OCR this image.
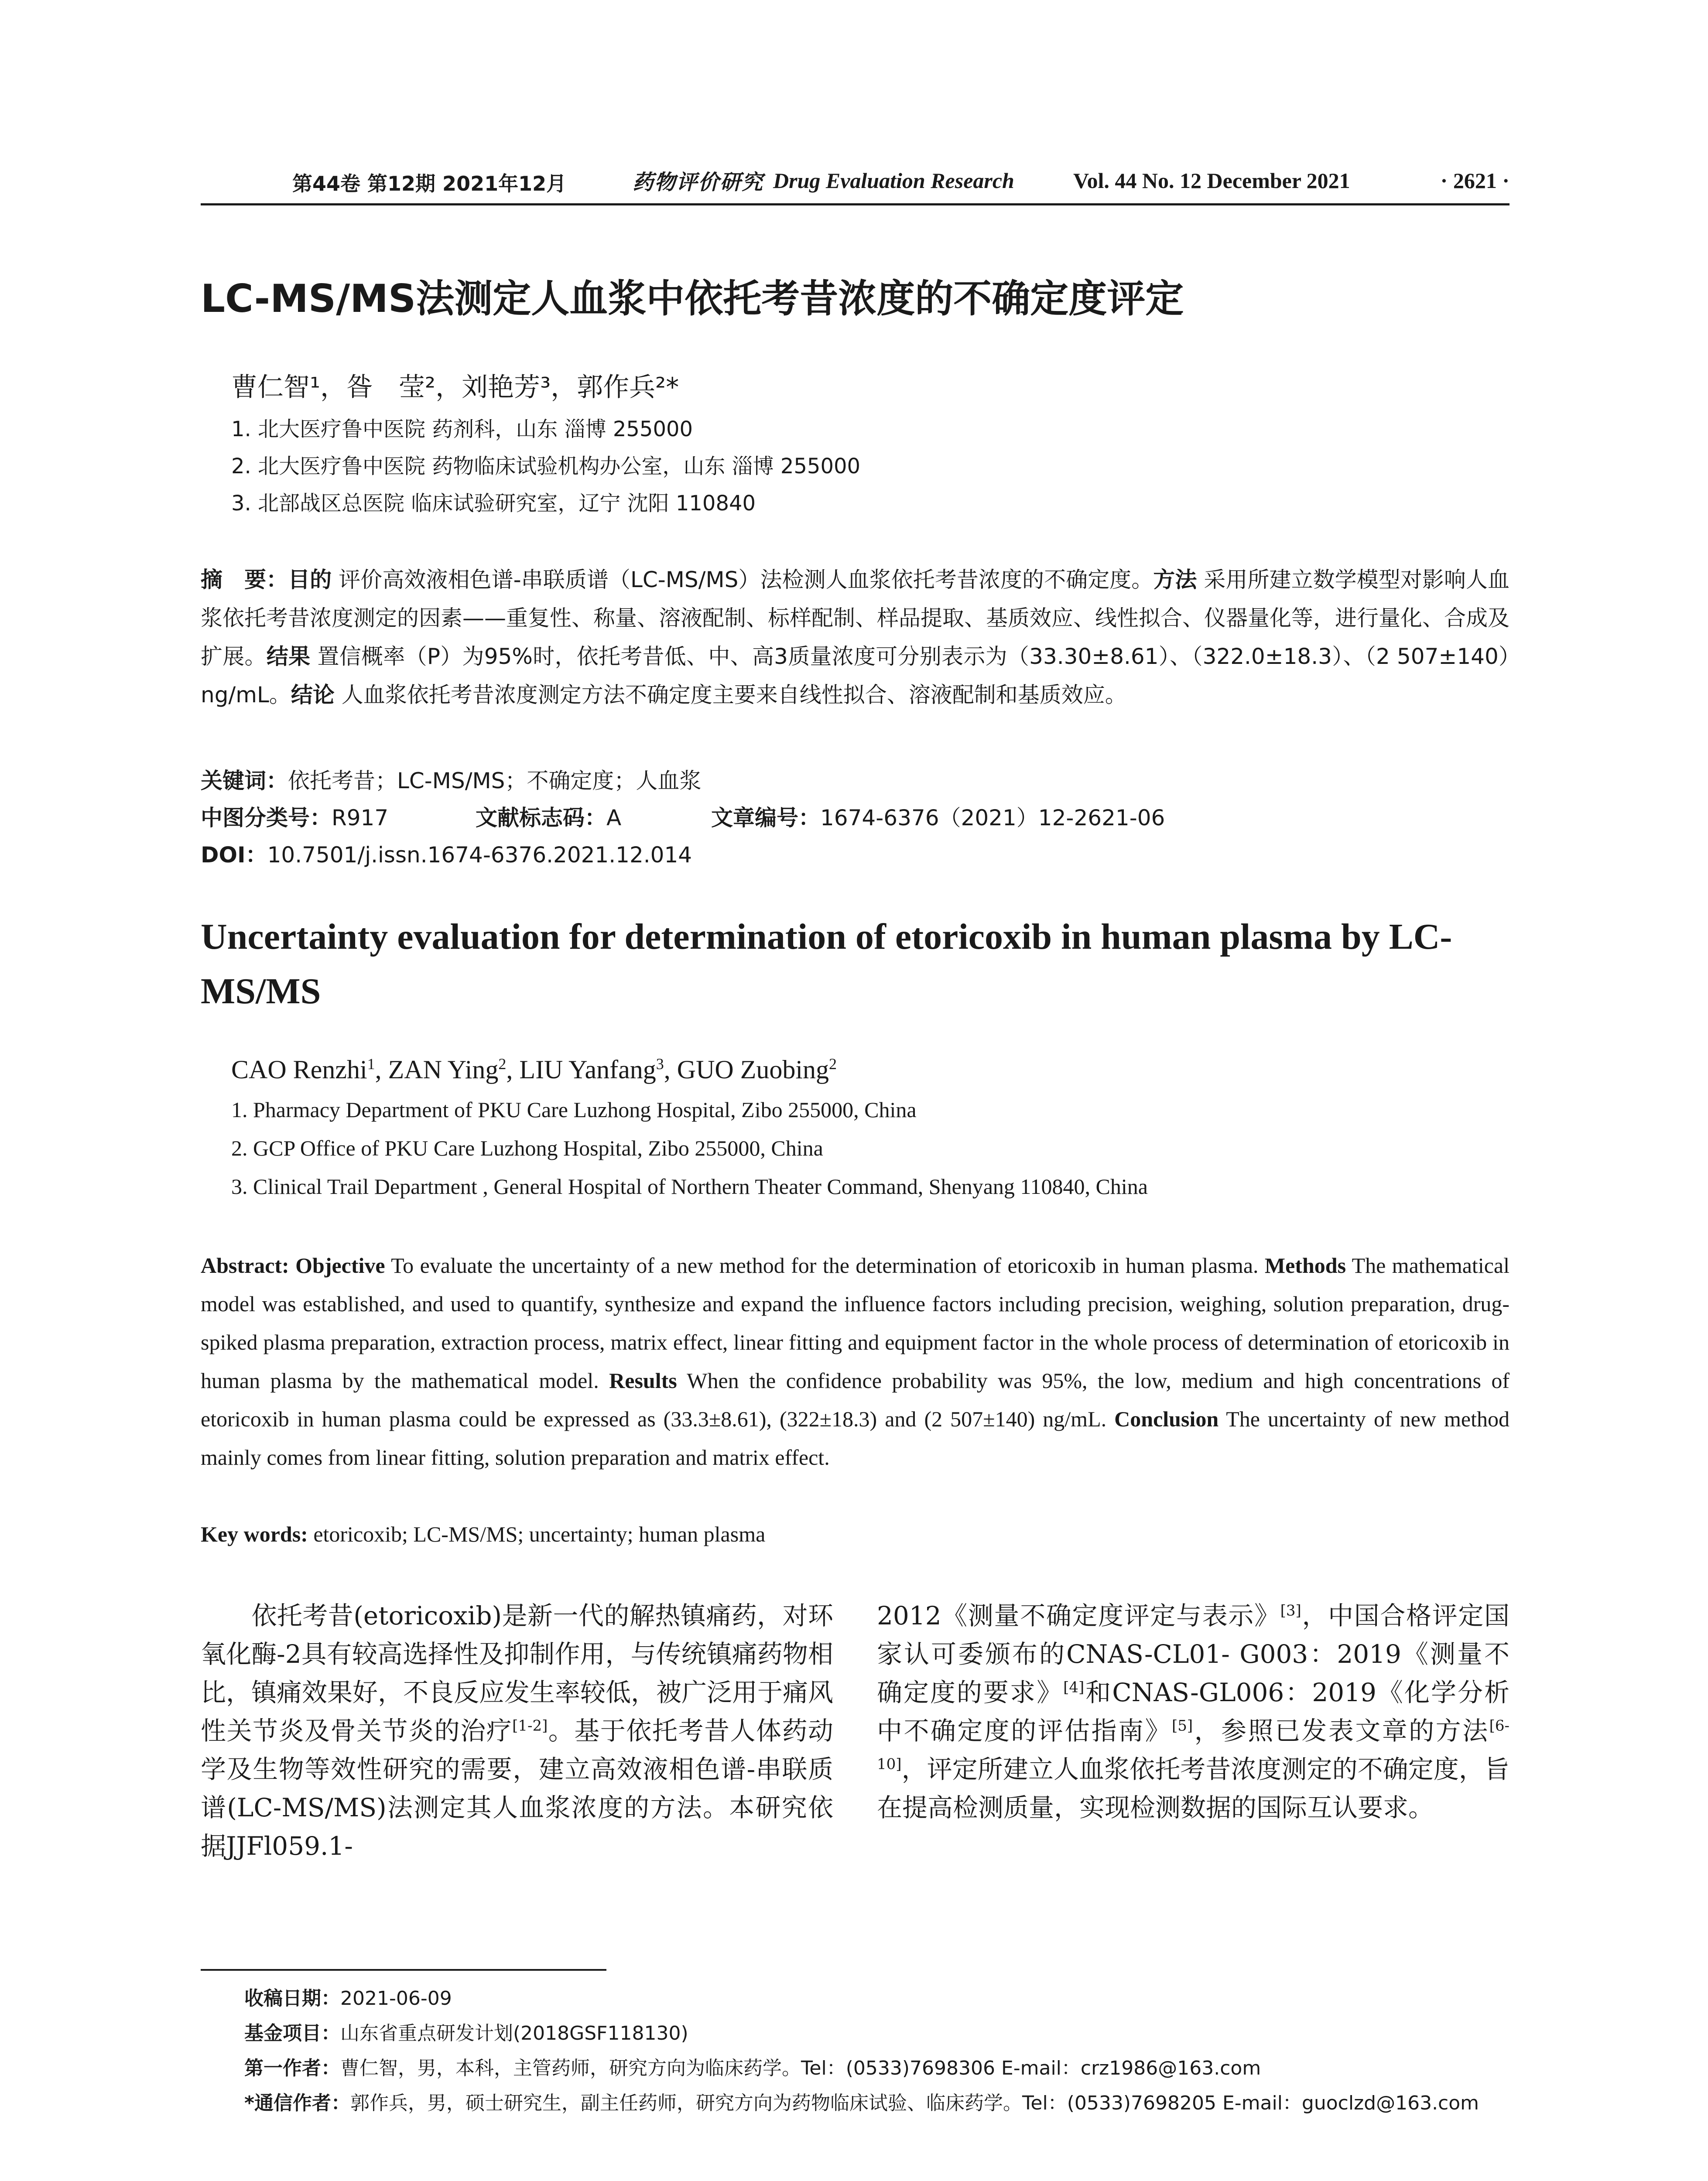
第44卷 第12期 2021年12月	药物评价研究 Drug Evaluation Research	Vol. 44 No. 12 December 2021	· 2621 ·
LC-MS/MS法测定人血浆中依托考昔浓度的不确定度评定
曹仁智¹，昝　莹²，刘艳芳³，郭作兵²*
1. 北大医疗鲁中医院 药剂科，山东 淄博 255000
2. 北大医疗鲁中医院 药物临床试验机构办公室，山东 淄博 255000
3. 北部战区总医院 临床试验研究室，辽宁 沈阳 110840
摘　要：目的 评价高效液相色谱-串联质谱（LC-MS/MS）法检测人血浆依托考昔浓度的不确定度。方法 采用所建立数学模型对影响人血浆依托考昔浓度测定的因素——重复性、称量、溶液配制、标样配制、样品提取、基质效应、线性拟合、仪器量化等，进行量化、合成及扩展。结果 置信概率（P）为95%时，依托考昔低、中、高3质量浓度可分别表示为（33.30±8.61）、（322.0±18.3）、（2 507±140）ng/mL。结论 人血浆依托考昔浓度测定方法不确定度主要来自线性拟合、溶液配制和基质效应。
关键词：依托考昔；LC-MS/MS；不确定度；人血浆
中图分类号：R917	文献标志码：A	文章编号：1674-6376（2021）12-2621-06
DOI：10.7501/j.issn.1674-6376.2021.12.014
Uncertainty evaluation for determination of etoricoxib in human plasma by LC-MS/MS
CAO Renzhi$^1$, ZAN Ying$^2$, LIU Yanfang$^3$, GUO Zuobing$^2$
1. Pharmacy Department of PKU Care Luzhong Hospital, Zibo 255000, China
2. GCP Office of PKU Care Luzhong Hospital, Zibo 255000, China
3. Clinical Trail Department , General Hospital of Northern Theater Command, Shenyang 110840, China
Abstract: Objective To evaluate the uncertainty of a new method for the determination of etoricoxib in human plasma. Methods The mathematical model was established, and used to quantify, synthesize and expand the influence factors including precision, weighing, solution preparation, drug-spiked plasma preparation, extraction process, matrix effect, linear fitting and equipment factor in the whole process of determination of etoricoxib in human plasma by the mathematical model. Results When the confidence probability was 95%, the low, medium and high concentrations of etoricoxib in human plasma could be expressed as (33.3±8.61), (322±18.3) and (2 507±140) ng/mL. Conclusion The uncertainty of new method mainly comes from linear fitting, solution preparation and matrix effect.
Key words: etoricoxib; LC-MS/MS; uncertainty; human plasma
依托考昔(etoricoxib)是新一代的解热镇痛药，对环氧化酶-2具有较高选择性及抑制作用，与传统镇痛药物相比，镇痛效果好，不良反应发生率较低，被广泛用于痛风性关节炎及骨关节炎的治疗[1-2]。基于依托考昔人体药动学及生物等效性研究的需要，建立高效液相色谱-串联质谱(LC-MS/MS)法测定其人血浆浓度的方法。本研究依据JJFl059.1-
2012《测量不确定度评定与表示》[3]，中国合格评定国家认可委颁布的CNAS-CL01- G003：2019《测量不确定度的要求》[4]和CNAS-GL006：2019《化学分析中不确定度的评估指南》[5]，参照已发表文章的方法[6-10]，评定所建立人血浆依托考昔浓度测定的不确定度，旨在提高检测质量，实现检测数据的国际互认要求。
收稿日期：2021-06-09
基金项目：山东省重点研发计划(2018GSF118130)
第一作者：曹仁智，男，本科，主管药师，研究方向为临床药学。Tel：(0533)7698306 E-mail：crz1986@163.com
*通信作者：郭作兵，男，硕士研究生，副主任药师，研究方向为药物临床试验、临床药学。Tel：(0533)7698205 E-mail：guoclzd@163.com
